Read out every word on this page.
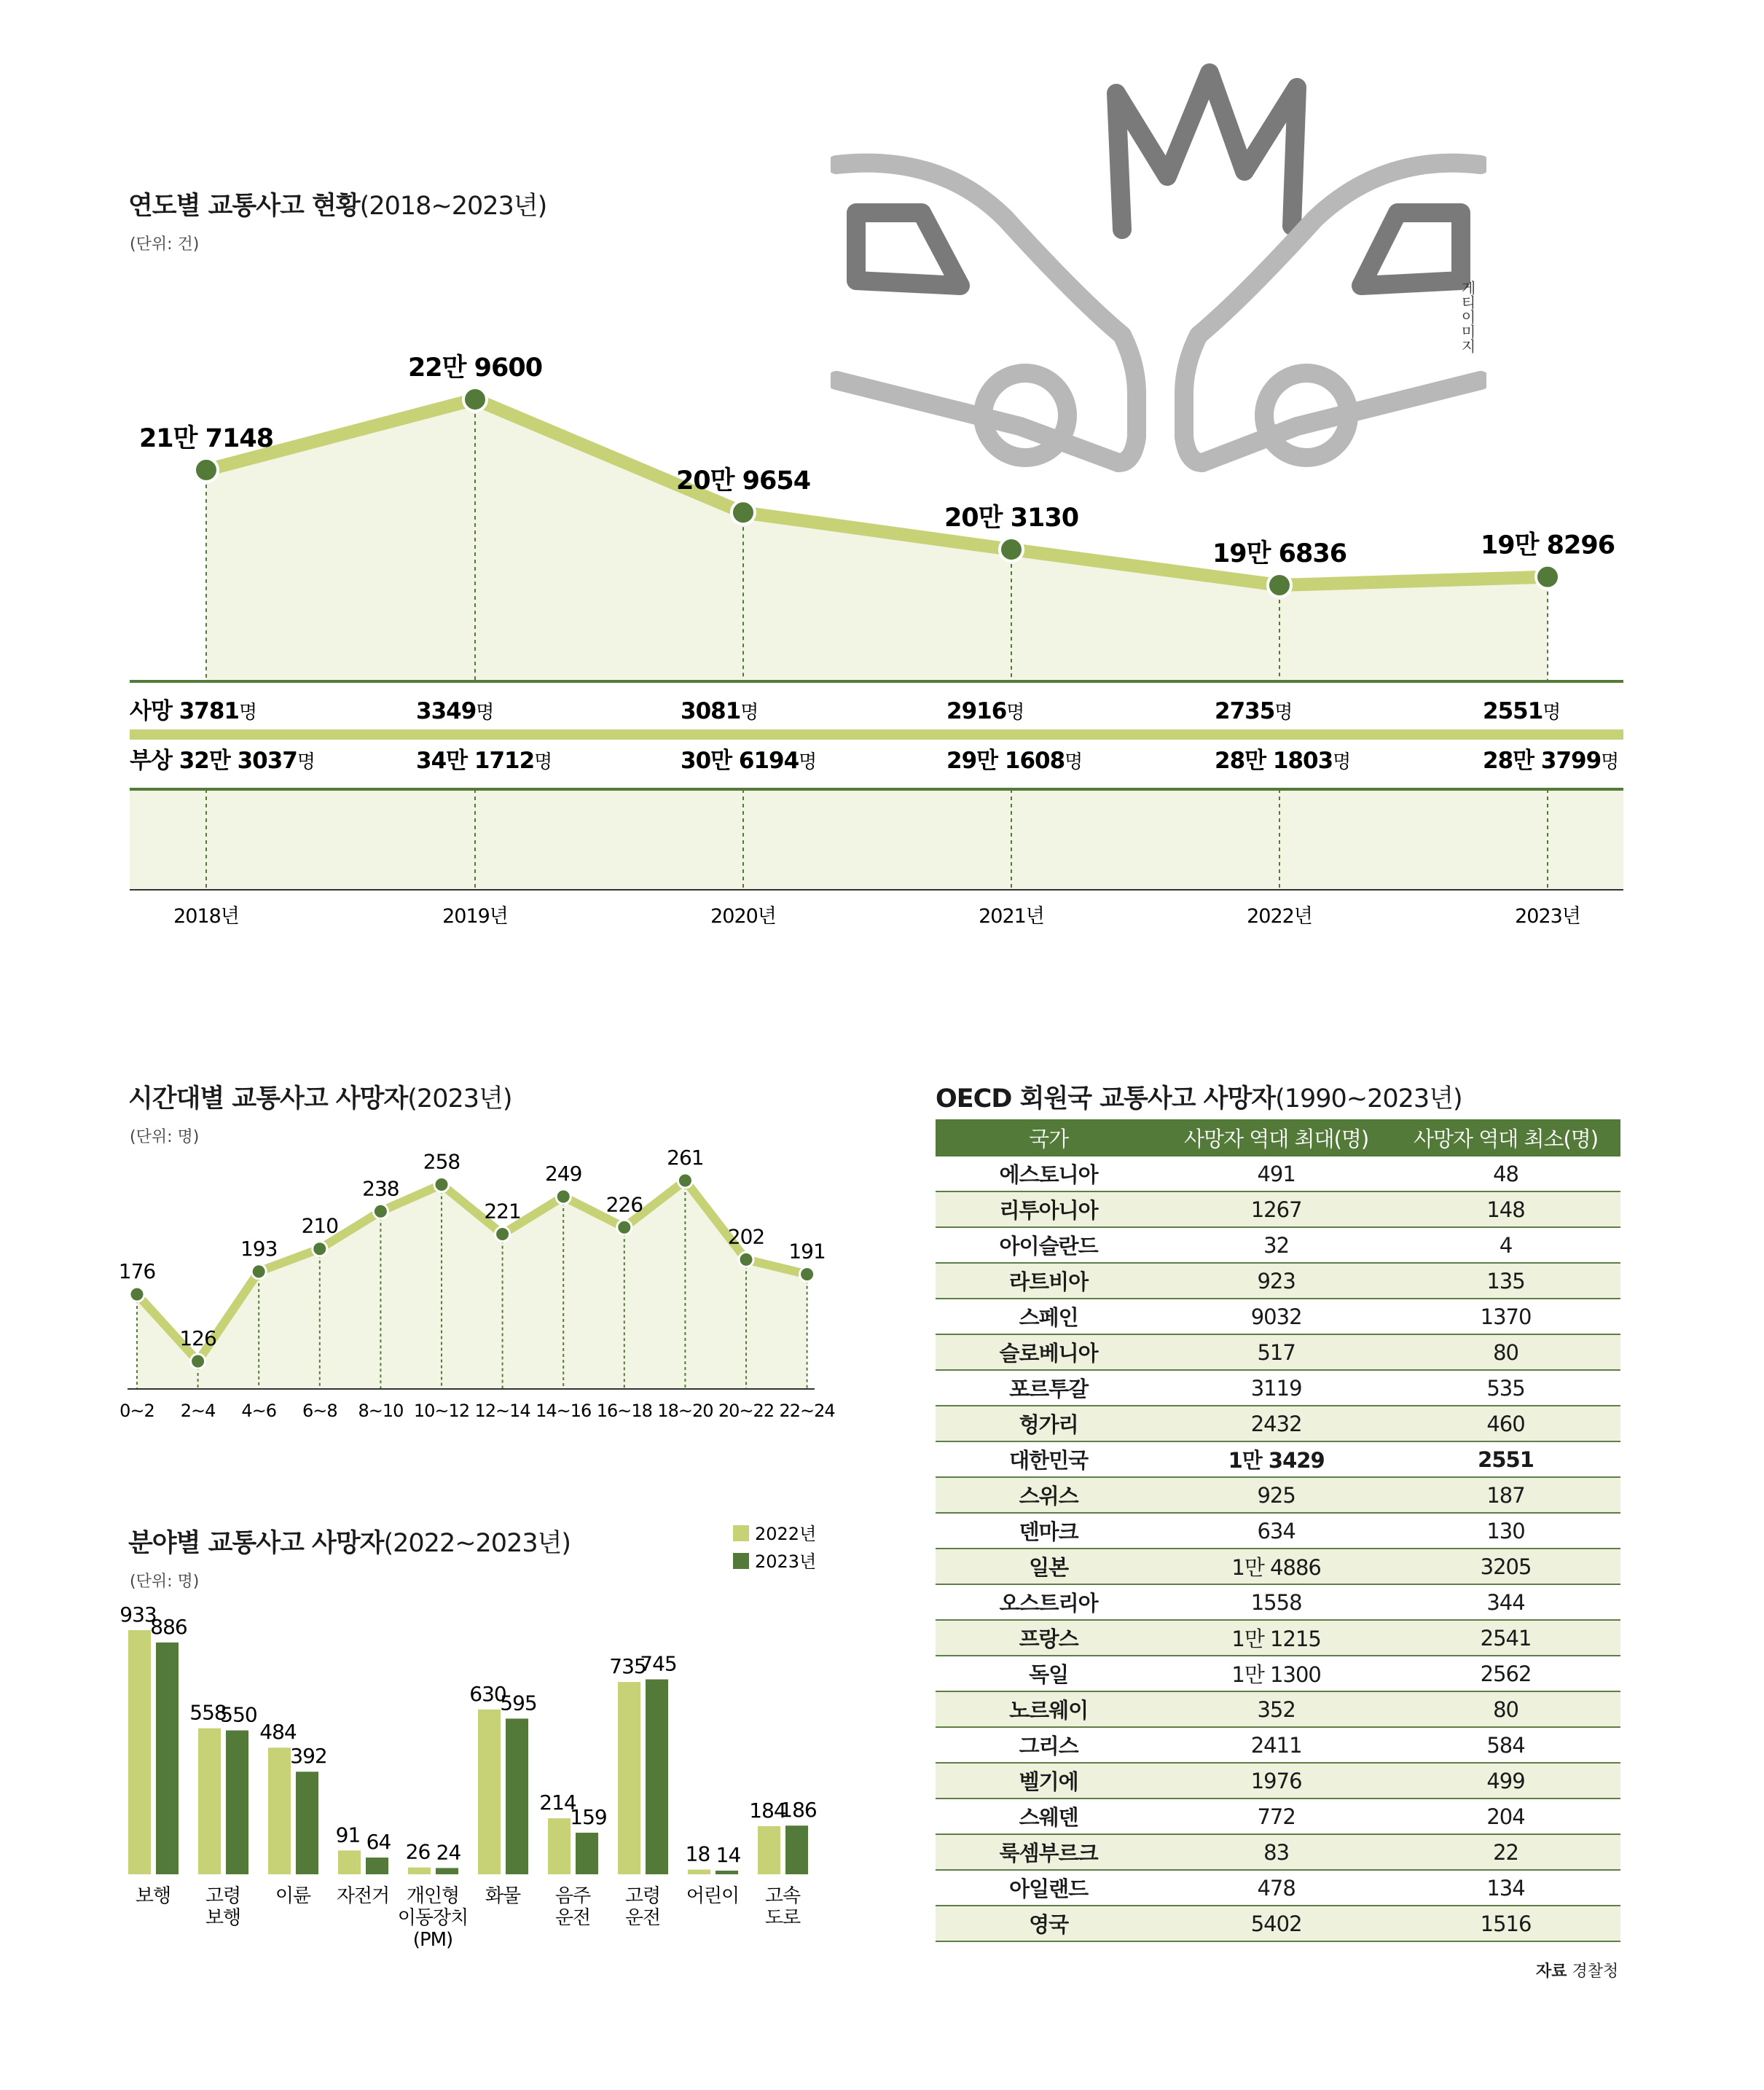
연도별 교통사고 현황(2018~2023년)
(단위: 건)
시간대별 교통사고 사망자(2023년)
(단위: 명)
분야별 교통사고 사망자(2022~2023년)
(단위: 명)
OECD 회원국 교통사고 사망자(1990~2023년)
게티이미지
21만 7148
22만 9600
20만 9654
20만 3130
19만 6836	19만 8296
사망 3781명	3349명	3081명	2916명	2735명	2551명
부상 32만 3037명	34만 1712명	30만 6194명	29만 1608명	28만 1803명	28만 3799명
2018년	2019년	2020년	2021년	2022년	2023년
176
0~2
126
2~4
193
4~6
210
6~8
238
8~10
258
10~12
221
12~14
249
14~16
226
16~18
261
18~20
202
20~22
191
22~24
2022년
2023년
933
886
보행
558
550
고령 보행
484
392
이륜
91 64
자전거
26 24
개인형 이동장치 (PM)
630
595
화물
214
159
음주 운전
735
745
고령 운전
18 14
어린이
184
186
고속 도로
국가	사망자 역대 최대(명)	사망자 역대 최소(명)
에스토니아	491	48
리투아니아	1267	148
아이슬란드	32	4
라트비아	923	135
스페인	9032	1370
슬로베니아	517	80
포르투갈	3119	535
헝가리	2432	460
대한민국	1만 3429	2551
스위스	925	187
덴마크	634	130
일본	1만 4886	3205
오스트리아	1558	344
프랑스	1만 1215	2541
독일	1만 1300	2562
노르웨이	352	80
그리스	2411	584
벨기에	1976	499
스웨덴	772	204
룩셈부르크	83	22
아일랜드	478	134
영국	5402	1516
자료 경찰청
